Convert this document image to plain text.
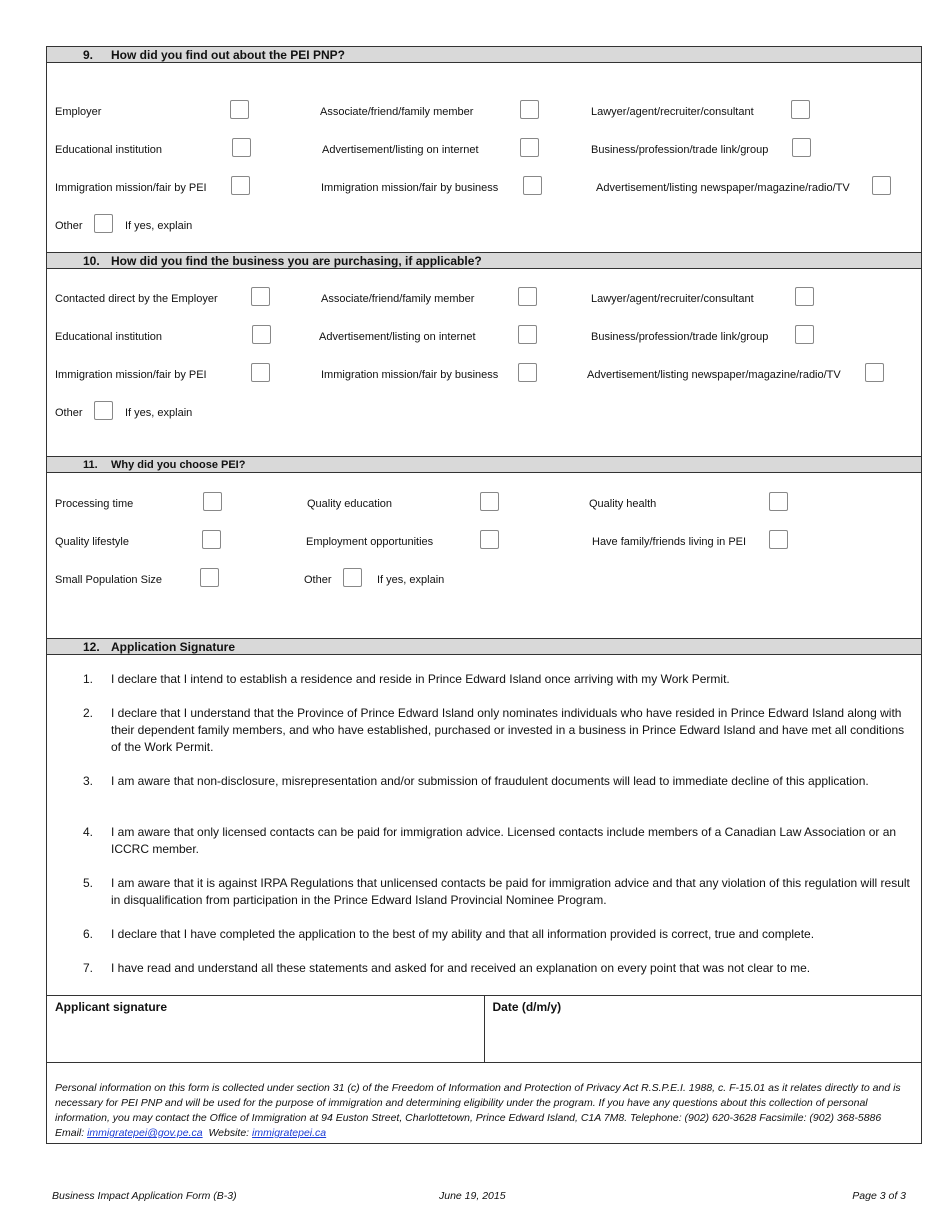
9. How did you find out about the PEI PNP?
Employer	Associate/friend/family member	Lawyer/agent/recruiter/consultant
Educational institution	Advertisement/listing on internet	Business/profession/trade link/group
Immigration mission/fair by PEI	Immigration mission/fair by business	Advertisement/listing newspaper/magazine/radio/TV
Other	If yes, explain
10. How did you find the business you are purchasing, if applicable?
Contacted direct by the Employer	Associate/friend/family member	Lawyer/agent/recruiter/consultant
Educational institution	Advertisement/listing on internet	Business/profession/trade link/group
Immigration mission/fair by PEI	Immigration mission/fair by business	Advertisement/listing newspaper/magazine/radio/TV
Other	If yes, explain
11. Why did you choose PEI?
Processing time	Quality education	Quality health
Quality lifestyle	Employment opportunities	Have family/friends living in PEI
Small Population Size	Other	If yes, explain
12. Application Signature
1.	I declare that I intend to establish a residence and reside in Prince Edward Island once arriving with my Work Permit.
2.	I declare that I understand that the Province of Prince Edward Island only nominates individuals who have resided in Prince Edward Island along with their dependent family members, and who have established, purchased or invested in a business in Prince Edward Island and have met all conditions of the Work Permit.
3.	I am aware that non-disclosure, misrepresentation and/or submission of fraudulent documents will lead to immediate decline of this application.
4.	I am aware that only licensed contacts can be paid for immigration advice. Licensed contacts include members of a Canadian Law Association or an ICCRC member.
5.	I am aware that it is against IRPA Regulations that unlicensed contacts be paid for immigration advice and that any violation of this regulation will result in disqualification from participation in the Prince Edward Island Provincial Nominee Program.
6.	I declare that I have completed the application to the best of my ability and that all information provided is correct, true and complete.
7.	I have read and understand all these statements and asked for and received an explanation on every point that was not clear to me.
Applicant signature	Date (d/m/y)
Personal information on this form is collected under section 31 (c) of the Freedom of Information and Protection of Privacy Act R.S.P.E.I. 1988, c. F-15.01 as it relates directly to and is necessary for PEI PNP and will be used for the purpose of immigration and determining eligibility under the program. If you have any questions about this collection of personal information, you may contact the Office of Immigration at 94 Euston Street, Charlottetown, Prince Edward Island, C1A 7M8. Telephone: (902) 620-3628 Facsimile: (902) 368-5886 Email: immigratepei@gov.pe.ca  Website: immigratepei.ca
Business Impact Application Form (B-3)	June 19, 2015	Page 3 of 3
